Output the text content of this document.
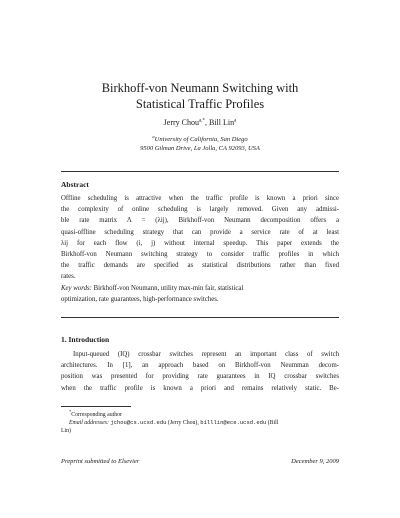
Birkhoff-von Neumann Switching with
Statistical Traffic Profiles
Jerry Chou$^{a,*}$, Bill Lin$^a$
$^a$University of California, San Diego
9500 Gilman Drive, La Jolla, CA 92093, USA
Abstract
Offline scheduling is attractive when the traffic profile is known a priori since
the complexity of online scheduling is largely removed. Given any admissi-
ble rate matrix Λ = (λij), Birkhoff-von Neumann decomposition offers a
quasi-offline scheduling strategy that can provide a service rate of at least
λij for each flow (i, j) without internal speedup. This paper extends the
Birkhoff-von Neumann switching strategy to consider traffic profiles in which
the traffic demands are specified as statistical distributions rather than fixed
rates.
Key words: Birkhoff-von Neumann, utility max-min fair, statistical
optimization, rate guarantees, high-performance switches.
1. Introduction
Input-queued (IQ) crossbar switches represent an important class of switch
architectures. In [1], an approach based on Birkhoff-von Neumman decom-
position was presented for providing rate guarantees in IQ crossbar switches
when the traffic profile is known a priori and remains relatively static. Be-
*Corresponding author
Email addresses: jchou@cs.ucsd.edu (Jerry Chou), billlin@ece.ucsd.edu (Bill
Lin)
Preprint submitted to Elsevier	December 9, 2009
